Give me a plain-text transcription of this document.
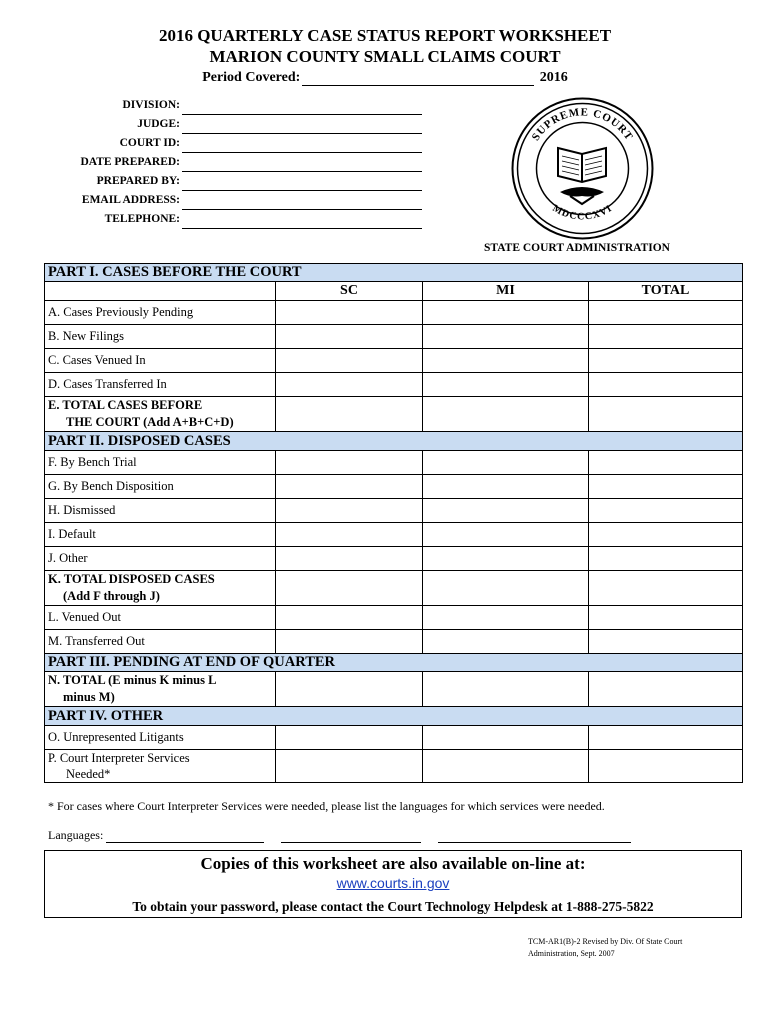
2016 QUARTERLY CASE STATUS REPORT WORKSHEET
MARION COUNTY SMALL CLAIMS COURT
Period Covered:	2016
DIVISION:
JUDGE:
COURT ID:
DATE PREPARED:
PREPARED BY:
EMAIL ADDRESS:
TELEPHONE:
SUPREME COURT
MDCCCXVI
STATE COURT ADMINISTRATION
PART I. CASES BEFORE THE COURT			
	SC	MI	TOTAL
A. Cases Previously Pending			
B. New Filings			
C. Cases Venued In			
D. Cases Transferred In			

E. TOTAL CASES BEFORE
THE COURT (Add A+B+C+D)			

PART II. DISPOSED CASES			
F. By Bench Trial			
G. By Bench Disposition			
H. Dismissed			
I. Default			
J. Other			

K. TOTAL DISPOSED CASES
(Add F through J)			

L. Venued Out			
M. Transferred Out			
PART III. PENDING AT END OF QUARTER			

N. TOTAL (E minus K minus L
minus M)			

PART IV. OTHER			
O. Unrepresented Litigants			

P. Court Interpreter Services
Needed*			

* For cases where Court Interpreter Services were needed, please list the languages for which services were needed.
Languages:
Copies of this worksheet are also available on-line at:
www.courts.in.gov
To obtain your password, please contact the Court Technology Helpdesk at 1-888-275-5822
TCM-AR1(B)-2 Revised by Div. Of State Court
Administration, Sept. 2007
